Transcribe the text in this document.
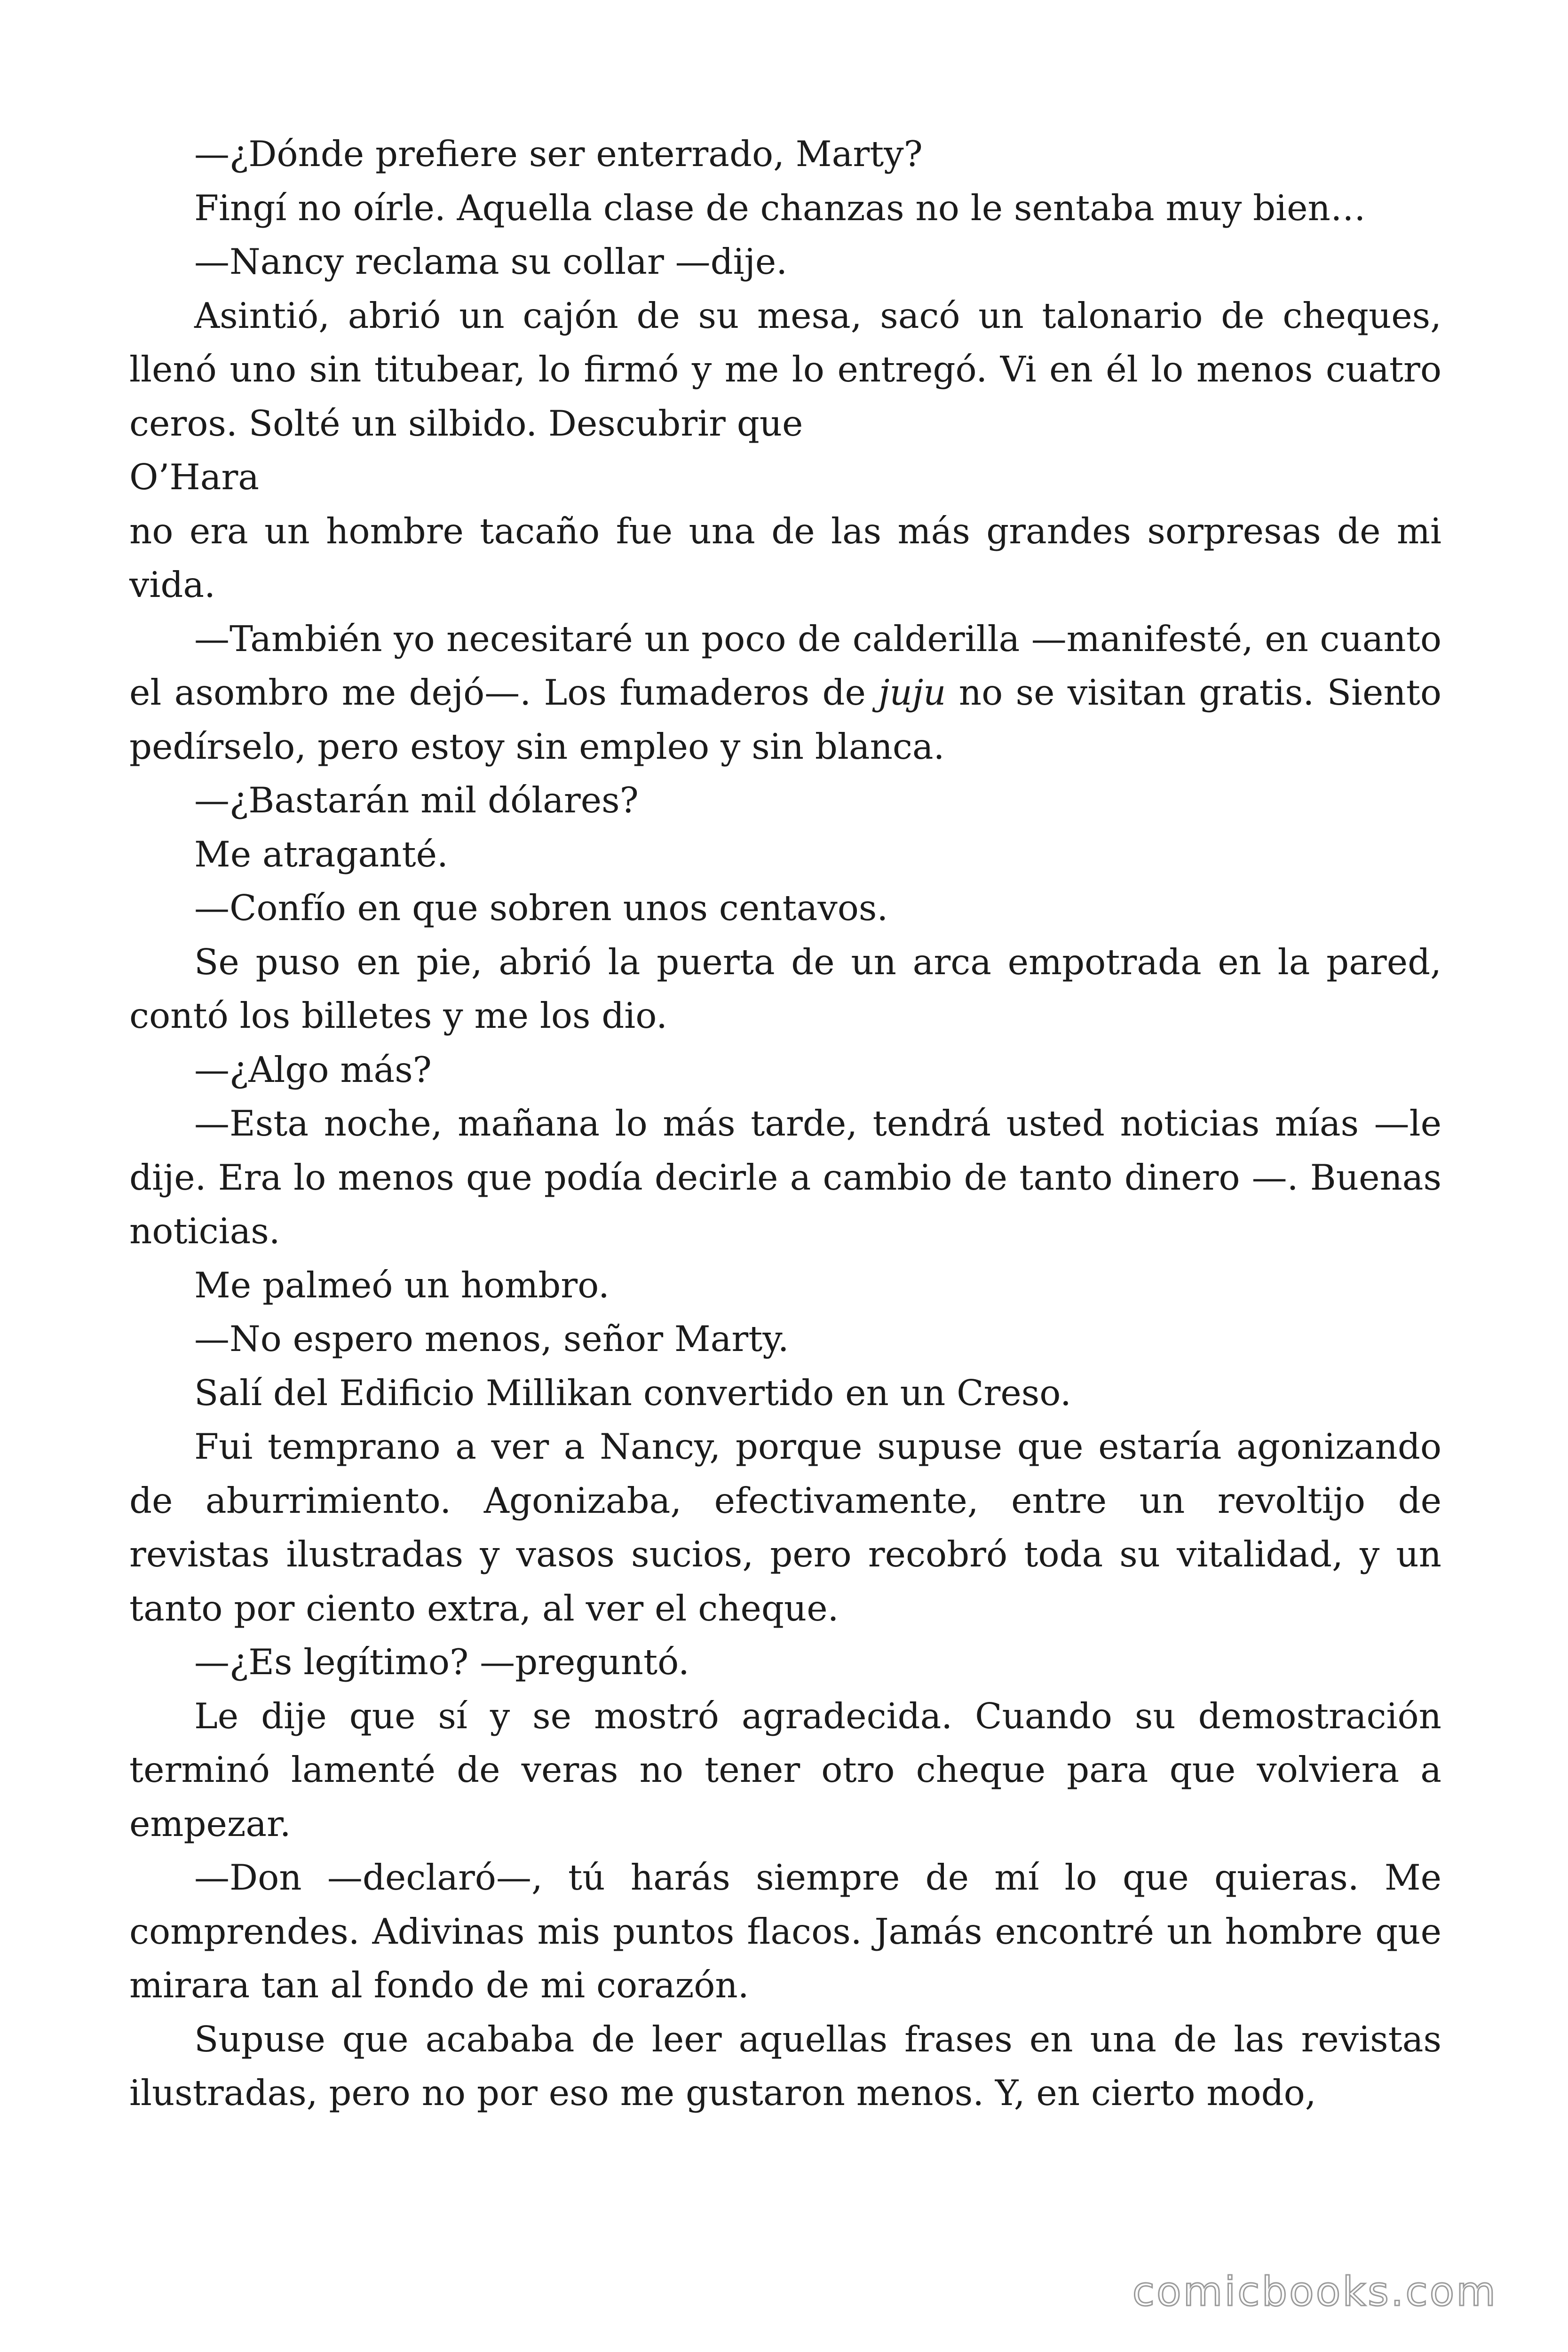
—¿Dónde prefiere ser enterrado, Marty?

Fingí no oírle. Aquella clase de chanzas no le sentaba muy bien…

—Nancy reclama su collar —dije.

Asintió, abrió un cajón de su mesa, sacó un talonario de cheques, llenó uno sin titubear, lo firmó y me lo entregó. Vi en él lo menos cuatro ceros. Solté un silbido. Descubrir que

O’Hara

no era un hombre tacaño fue una de las más grandes sorpresas de mi vida.

—También yo necesitaré un poco de calderilla —manifesté, en cuanto el asombro me dejó—. Los fumaderos de juju no se visitan gratis. Siento pedírselo, pero estoy sin empleo y sin blanca.

—¿Bastarán mil dólares?

Me atraganté.

—Confío en que sobren unos centavos.

Se puso en pie, abrió la puerta de un arca empotrada en la pared, contó los billetes y me los dio.

—¿Algo más?

—Esta noche, mañana lo más tarde, tendrá usted noticias mías —le dije. Era lo menos que podía decirle a cambio de tanto dinero —. Buenas noticias.

Me palmeó un hombro.

—No espero menos, señor Marty.

Salí del Edificio Millikan convertido en un Creso.

Fui temprano a ver a Nancy, porque supuse que estaría agonizando de aburrimiento. Agonizaba, efectivamente, entre un revoltijo de revistas ilustradas y vasos sucios, pero recobró toda su vitalidad, y un tanto por ciento extra, al ver el cheque.

—¿Es legítimo? —preguntó.

Le dije que sí y se mostró agradecida. Cuando su demostración terminó lamenté de veras no tener otro cheque para que volviera a empezar.

—Don —declaró—, tú harás siempre de mí lo que quieras. Me comprendes. Adivinas mis puntos flacos. Jamás encontré un hombre que mirara tan al fondo de mi corazón.

Supuse que acababa de leer aquellas frases en una de las revistas ilustradas, pero no por eso me gustaron menos. Y, en cierto modo,

comicbooks.com
